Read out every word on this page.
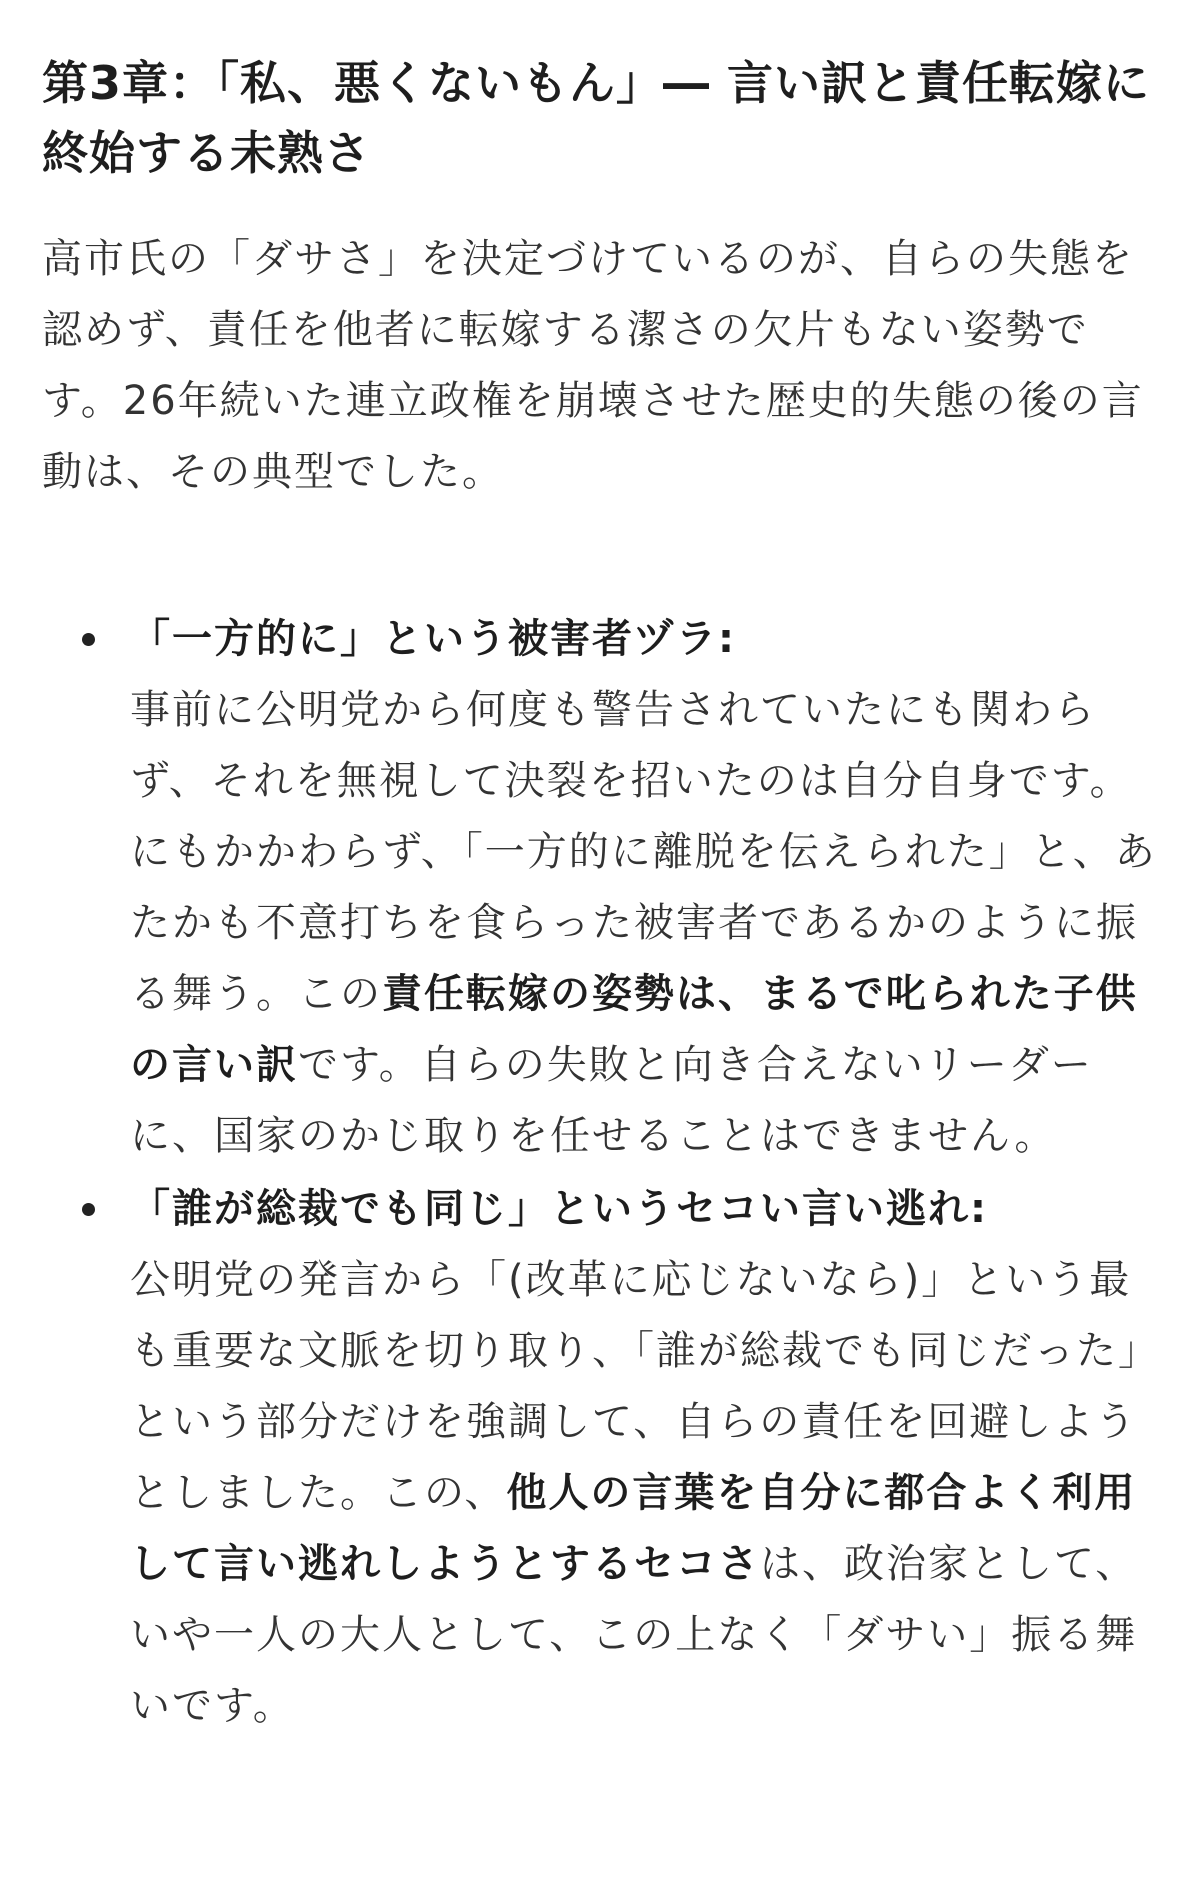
第3章：「私、悪くないもん」― 言い訳と責任転嫁に終始する未熟さ

高市氏の「ダサさ」を決定づけているのが、自らの失態を認めず、責任を他者に転嫁する潔さの欠片もない姿勢です。26年続いた連立政権を崩壊させた歴史的失態の後の言動は、その典型でした。

「一方的に」という被害者ヅラ:
事前に公明党から何度も警告されていたにも関わらず、それを無視して決裂を招いたのは自分自身です。にもかかわらず、「一方的に離脱を伝えられた」と、あたかも不意打ちを食らった被害者であるかのように振る舞う。この責任転嫁の姿勢は、まるで叱られた子供の言い訳です。自らの失敗と向き合えないリーダーに、国家のかじ取りを任せることはできません。
「誰が総裁でも同じ」というセコい言い逃れ:
公明党の発言から「(改革に応じないなら)」という最も重要な文脈を切り取り、「誰が総裁でも同じだった」という部分だけを強調して、自らの責任を回避しようとしました。この、他人の言葉を自分に都合よく利用して言い逃れしようとするセコさは、政治家として、いや一人の大人として、この上なく「ダサい」振る舞いです。
